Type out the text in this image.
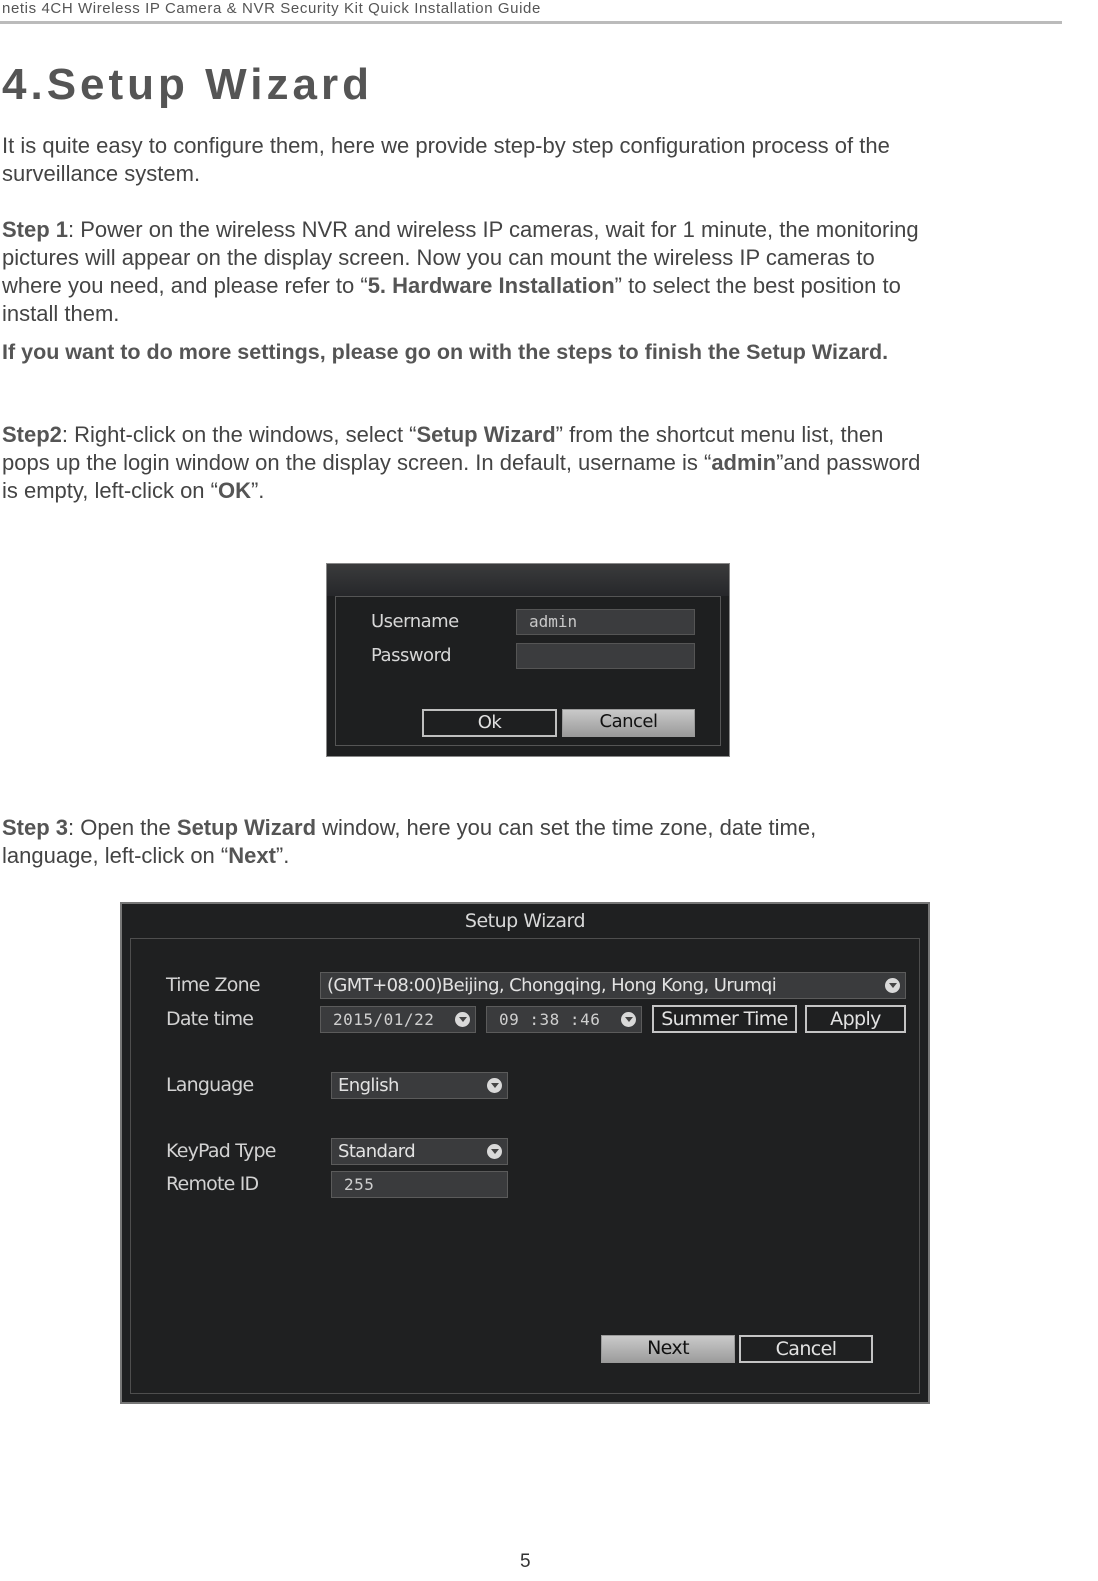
netis 4CH Wireless IP Camera & NVR Security Kit Quick Installation Guide
4.Setup Wizard

It is quite easy to configure them, here we provide step-by step configuration process of the
surveillance system.

Step 1: Power on the wireless NVR and wireless IP cameras, wait for 1 minute, the monitoring
pictures will appear on the display screen. Now you can mount the wireless IP cameras to
where you need, and please refer to “5. Hardware Installation” to select the best position to
install them.

If you want to do more settings, please go on with the steps to finish the Setup Wizard.

Step2: Right-click on the windows, select “Setup Wizard” from the shortcut menu list, then
pops up the login window on the display screen. In default, username is “admin”and password
is empty, left-click on “OK”.

Username	admin
Password
Ok	Cancel

Step 3: Open the Setup Wizard window, here you can set the time zone, date time,
language, left-click on “Next”.

Setup Wizard
Time Zone	(GMT+08:00)Beijing, Chongqing, Hong Kong, Urumqi
Date time	2015/01/22	09 :38 :46	Summer Time	Apply
Language	English
KeyPad Type	Standard
Remote ID	255
Next	Cancel
5
